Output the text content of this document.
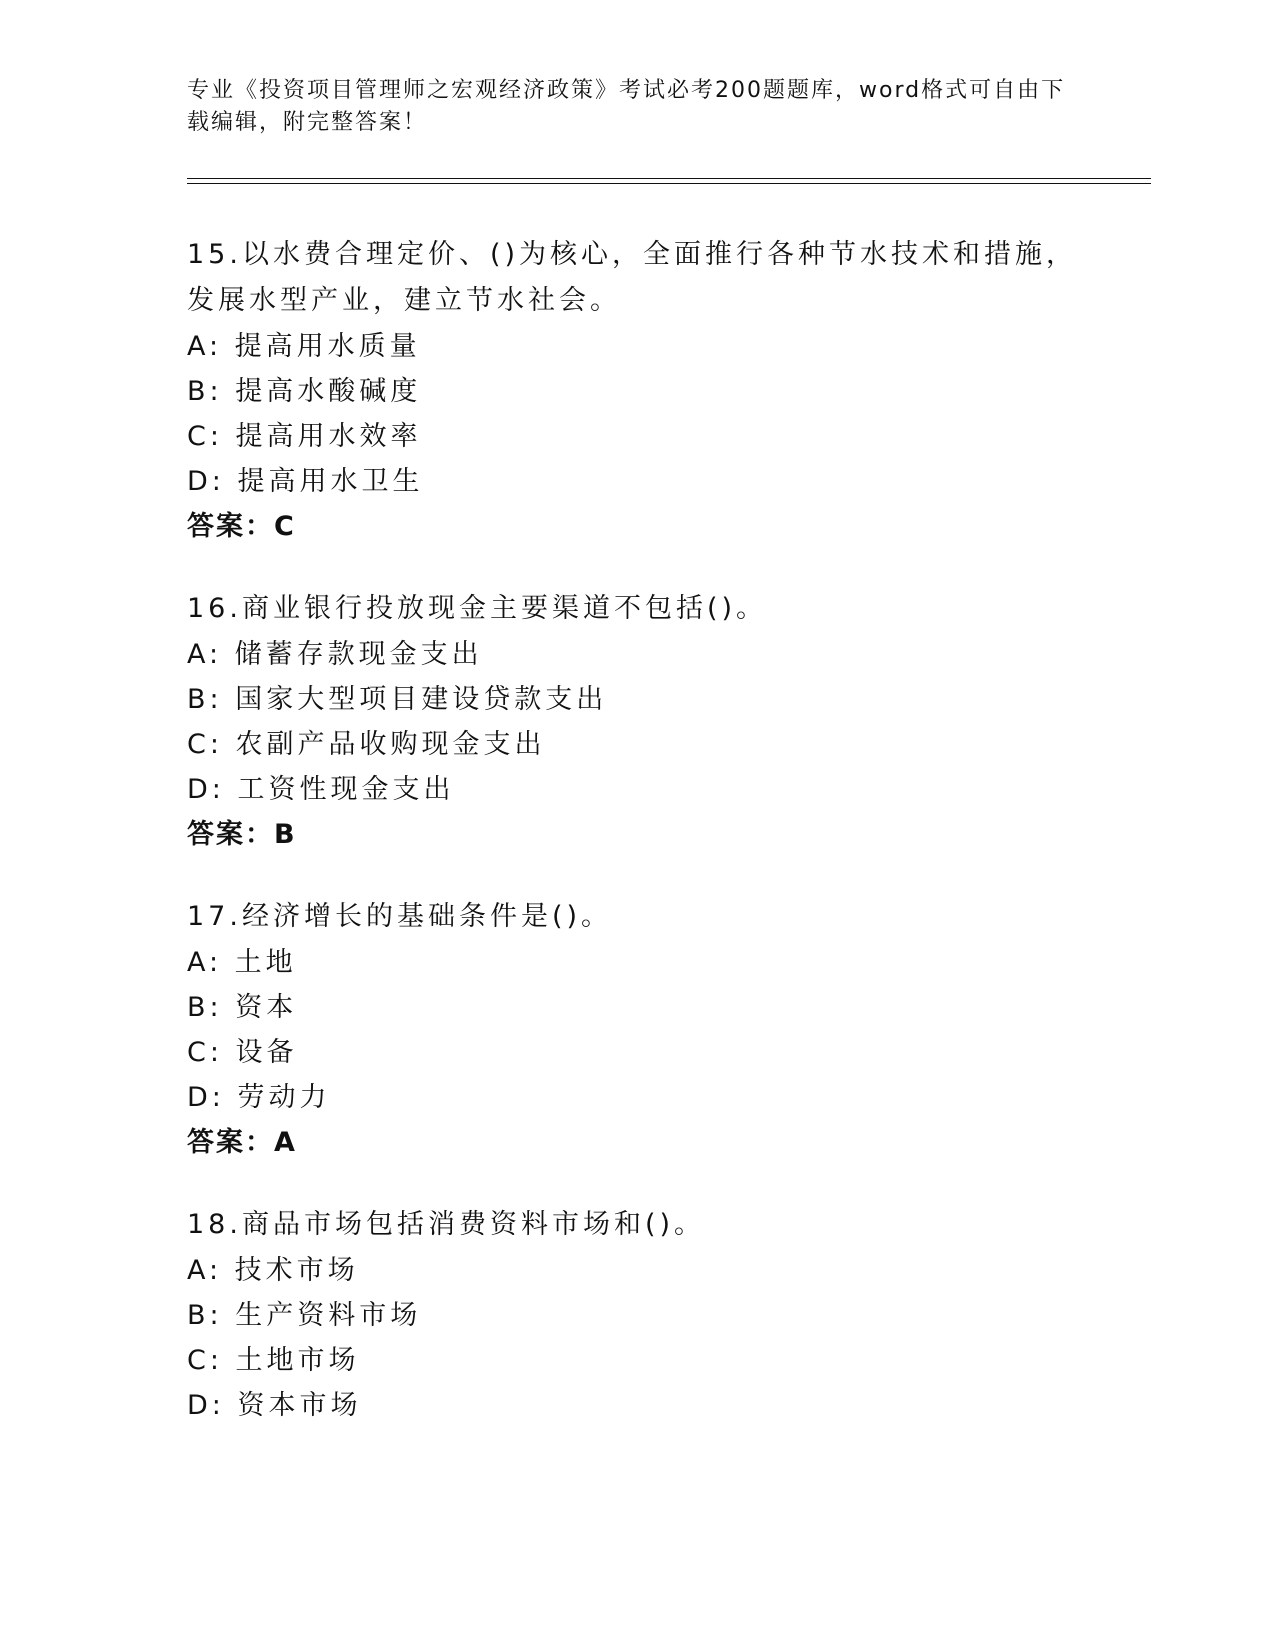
专业《投资项目管理师之宏观经济政策》考试必考200题题库，word格式可自由下载编辑，附完整答案！
15.以水费合理定价、()为核心，全面推行各种节水技术和措施，发展水型产业，建立节水社会。
A: 提高用水质量
B: 提高水酸碱度
C: 提高用水效率
D: 提高用水卫生
答案：C
16.商业银行投放现金主要渠道不包括()。
A: 储蓄存款现金支出
B: 国家大型项目建设贷款支出
C: 农副产品收购现金支出
D: 工资性现金支出
答案：B
17.经济增长的基础条件是()。
A: 土地
B: 资本
C: 设备
D: 劳动力
答案：A
18.商品市场包括消费资料市场和()。
A: 技术市场
B: 生产资料市场
C: 土地市场
D: 资本市场
